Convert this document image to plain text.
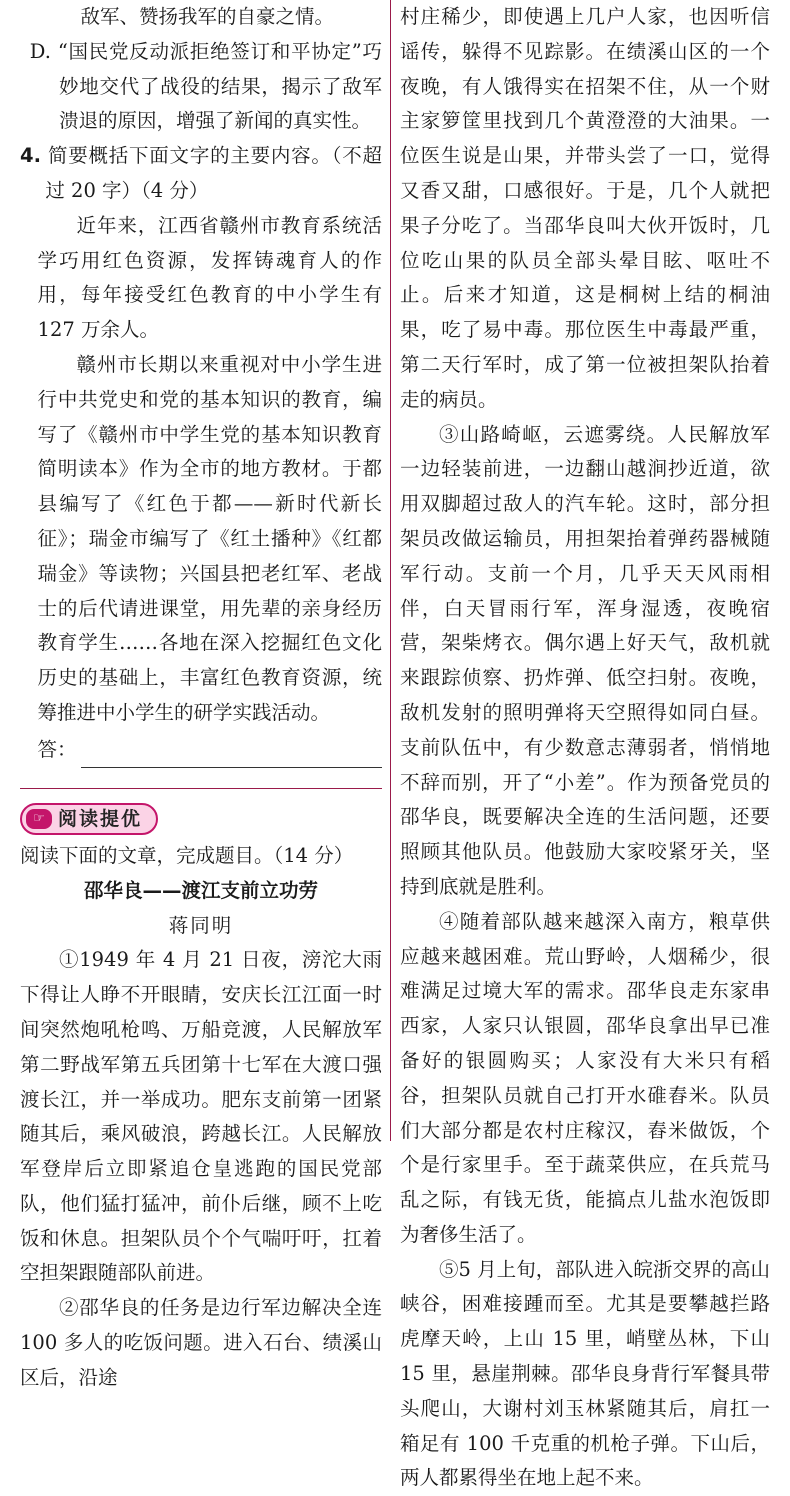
敌军、赞扬我军的自豪之情。

D. “国民党反动派拒绝签订和平协定”巧妙地交代了战役的结果，揭示了敌军溃退的原因，增强了新闻的真实性。

4. 简要概括下面文字的主要内容。（不超过 20 字）（4 分）

近年来，江西省赣州市教育系统活学巧用红色资源，发挥铸魂育人的作用，每年接受红色教育的中小学生有 127 万余人。

赣州市长期以来重视对中小学生进行中共党史和党的基本知识的教育，编写了《赣州市中学生党的基本知识教育简明读本》作为全市的地方教材。于都县编写了《红色于都——新时代新长征》；瑞金市编写了《红土播种》《红都瑞金》等读物；兴国县把老红军、老战士的后代请进课堂，用先辈的亲身经历教育学生……各地在深入挖掘红色文化历史的基础上，丰富红色教育资源，统筹推进中小学生的研学实践活动。

答：
☞ 阅读提优

阅读下面的文章，完成题目。（14 分）

邵华良——渡江支前立功劳

蒋同明

①1949 年 4 月 21 日夜，滂沱大雨下得让人睁不开眼睛，安庆长江江面一时间突然炮吼枪鸣、万船竞渡，人民解放军第二野战军第五兵团第十七军在大渡口强渡长江，并一举成功。肥东支前第一团紧随其后，乘风破浪，跨越长江。人民解放军登岸后立即紧追仓皇逃跑的国民党部队，他们猛打猛冲，前仆后继，顾不上吃饭和休息。担架队员个个气喘吁吁，扛着空担架跟随部队前进。

②邵华良的任务是边行军边解决全连 100 多人的吃饭问题。进入石台、绩溪山区后，沿途

村庄稀少，即使遇上几户人家，也因听信谣传，躲得不见踪影。在绩溪山区的一个夜晚，有人饿得实在招架不住，从一个财主家箩筐里找到几个黄澄澄的大油果。一位医生说是山果，并带头尝了一口，觉得又香又甜，口感很好。于是，几个人就把果子分吃了。当邵华良叫大伙开饭时，几位吃山果的队员全部头晕目眩、呕吐不止。后来才知道，这是桐树上结的桐油果，吃了易中毒。那位医生中毒最严重，第二天行军时，成了第一位被担架队抬着走的病员。

③山路崎岖，云遮雾绕。人民解放军一边轻装前进，一边翻山越涧抄近道，欲用双脚超过敌人的汽车轮。这时，部分担架员改做运输员，用担架抬着弹药器械随军行动。支前一个月，几乎天天风雨相伴，白天冒雨行军，浑身湿透，夜晚宿营，架柴烤衣。偶尔遇上好天气，敌机就来跟踪侦察、扔炸弹、低空扫射。夜晚，敌机发射的照明弹将天空照得如同白昼。支前队伍中，有少数意志薄弱者，悄悄地不辞而别，开了“小差”。作为预备党员的邵华良，既要解决全连的生活问题，还要照顾其他队员。他鼓励大家咬紧牙关，坚持到底就是胜利。

④随着部队越来越深入南方，粮草供应越来越困难。荒山野岭，人烟稀少，很难满足过境大军的需求。邵华良走东家串西家，人家只认银圆，邵华良拿出早已准备好的银圆购买；人家没有大米只有稻谷，担架队员就自己打开水碓舂米。队员们大部分都是农村庄稼汉，舂米做饭，个个是行家里手。至于蔬菜供应，在兵荒马乱之际，有钱无货，能搞点儿盐水泡饭即为奢侈生活了。

⑤5 月上旬，部队进入皖浙交界的高山峡谷，困难接踵而至。尤其是要攀越拦路虎摩天岭，上山 15 里，峭壁丛林，下山 15 里，悬崖荆棘。邵华良身背行军餐具带头爬山，大谢村刘玉林紧随其后，肩扛一箱足有 100 千克重的机枪子弹。下山后，两人都累得坐在地上起不来。
